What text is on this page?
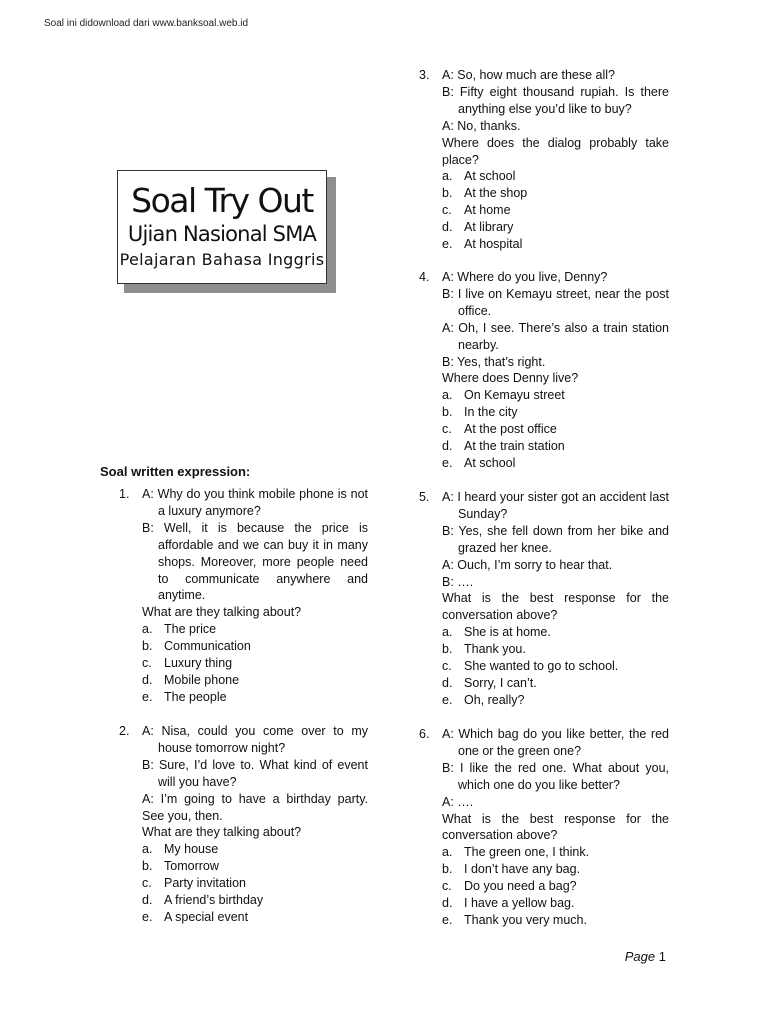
Soal ini didownload dari www.banksoal.web.id
Soal Try Out
Ujian Nasional SMA
Pelajaran Bahasa Inggris
Soal written expression:
1.	A: Why do you think mobile phone is not a luxury anymore?
B: Well, it is because the price is affordable and we can buy it in many shops. Moreover, more people need to communicate anywhere and anytime.
What are they talking about?
a. The price
b. Communication
c. Luxury thing
d. Mobile phone
e. The people
2.	A: Nisa, could you come over to my house tomorrow night?
B: Sure, I’d love to. What kind of event will you have?
A: I’m going to have a birthday party. See you, then.
What are they talking about?
a. My house
b. Tomorrow
c. Party invitation
d. A friend’s birthday
e. A special event
3.	A: So, how much are these all?
B: Fifty eight thousand rupiah. Is there anything else you’d like to buy?
A: No, thanks.
Where does the dialog probably take place?
a. At school
b. At the shop
c. At home
d. At library
e. At hospital
4.	A: Where do you live, Denny?
B: I live on Kemayu street, near the post office.
A: Oh, I see. There’s also a train station nearby.
B: Yes, that’s right.
Where does Denny live?
a. On Kemayu street
b. In the city
c. At the post office
d. At the train station
e. At school
5.	A: I heard your sister got an accident last Sunday?
B: Yes, she fell down from her bike and grazed her knee.
A: Ouch, I’m sorry to hear that.
B: ….
What is the best response for the conversation above?
a. She is at home.
b. Thank you.
c. She wanted to go to school.
d. Sorry, I can’t.
e. Oh, really?
6.	A: Which bag do you like better, the red one or the green one?
B: I like the red one. What about you, which one do you like better?
A: ….
What is the best response for the conversation above?
a. The green one, I think.
b. I don’t have any bag.
c. Do you need a bag?
d. I have a yellow bag.
e. Thank you very much.
Page 1
